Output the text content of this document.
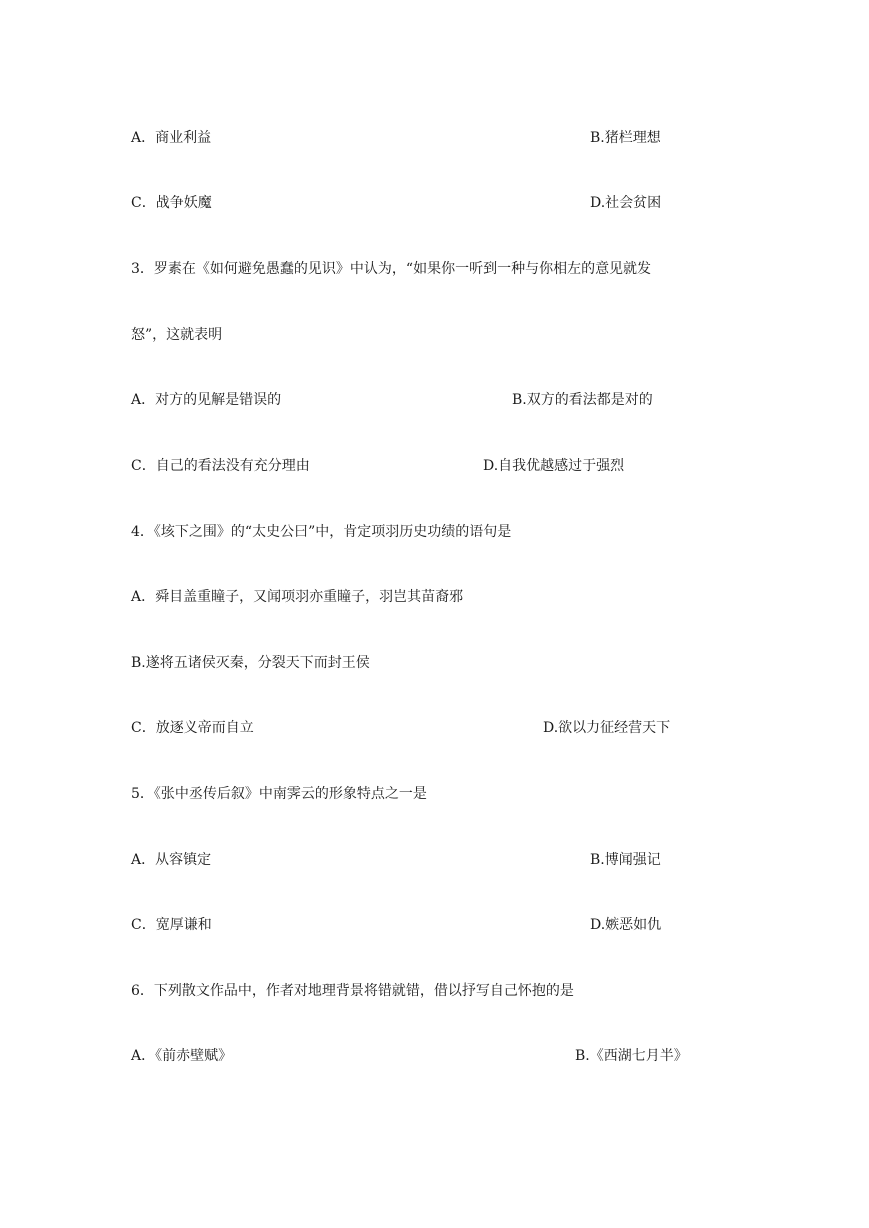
A．商业利益	B.猪栏理想
C．战争妖魔	D.社会贫困
3．罗素在《如何避免愚蠢的见识》中认为，“如果你一听到一种与你相左的意见就发
怒”，这就表明
A．对方的见解是错误的	B.双方的看法都是对的
C．自己的看法没有充分理由	D.自我优越感过于强烈
4．《垓下之围》的“太史公曰”中，肯定项羽历史功绩的语句是
A．舜目盖重瞳子，又闻项羽亦重瞳子，羽岂其苗裔邪
B.遂将五诸侯灭秦，分裂天下而封王侯
C．放逐义帝而自立	D.欲以力征经营天下
5．《张中丞传后叙》中南霁云的形象特点之一是
A．从容镇定	B.博闻强记
C．宽厚谦和	D.嫉恶如仇
6．下列散文作品中，作者对地理背景将错就错，借以抒写自己怀抱的是
A．《前赤壁赋》	B.《西湖七月半》
